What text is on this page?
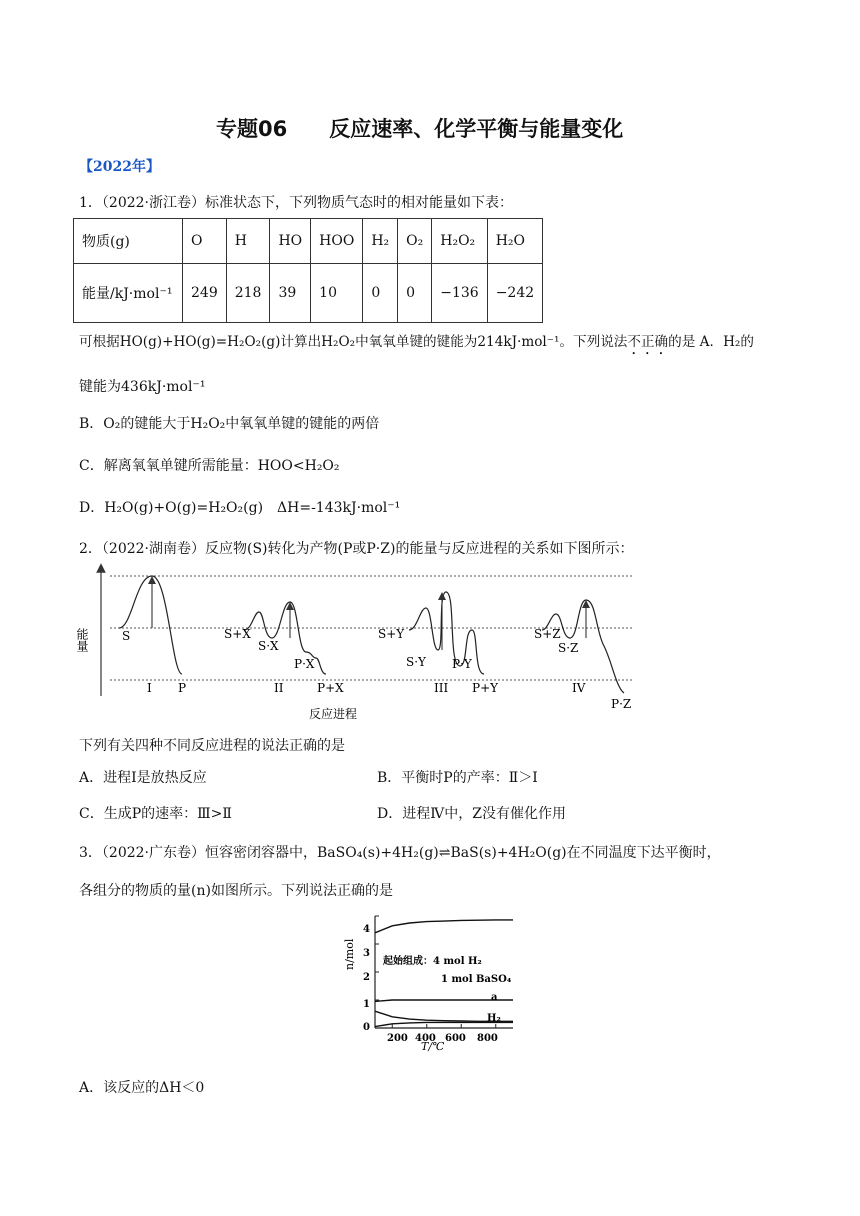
专题06　　反应速率、化学平衡与能量变化
【2022年】
1．（2022·浙江卷）标准状态下，下列物质气态时的相对能量如下表：
物质(g)	O	H	HO	HOO	H₂	O₂	H₂O₂	H₂O
能量/kJ·mol⁻¹	249	218	39	10	0	0	−136	−242
可根据HO(g)+HO(g)=H₂O₂(g)计算出H₂O₂中氧氧单键的键能为214kJ·mol⁻¹。下列说法不正确的是 A．H₂的
键能为436kJ·mol⁻¹
B．O₂的键能大于H₂O₂中氧氧单键的键能的两倍
C．解离氧氧单键所需能量：HOO<H₂O₂
D．H₂O(g)+O(g)=H₂O₂(g)　ΔH=-143kJ·mol⁻¹
2．（2022·湖南卷）反应物(S)转化为产物(P或P·Z)的能量与反应进程的关系如下图所示：
能量	S
P
I
S+X
S·X
P·X
P+X
II
S+Y
S·Y P·Y
P+Y
III
S+Z
S·Z
P·Z
IV
反应进程
下列有关四种不同反应进程的说法正确的是
A．进程Ⅰ是放热反应	B．平衡时P的产率：Ⅱ＞Ⅰ
C．生成P的速率：Ⅲ>Ⅱ	D．进程Ⅳ中，Z没有催化作用
3．（2022·广东卷）恒容密闭容器中，BaSO₄(s)+4H₂(g)⇌BaS(s)+4H₂O(g)在不同温度下达平衡时，
各组分的物质的量(n)如图所示。下列说法正确的是
T/℃
n/mol	起始组成：4 mol H₂
1 mol BaSO₄
a
H₂
4
3
2
1
0
200 400 600 800
A．该反应的ΔH＜0
